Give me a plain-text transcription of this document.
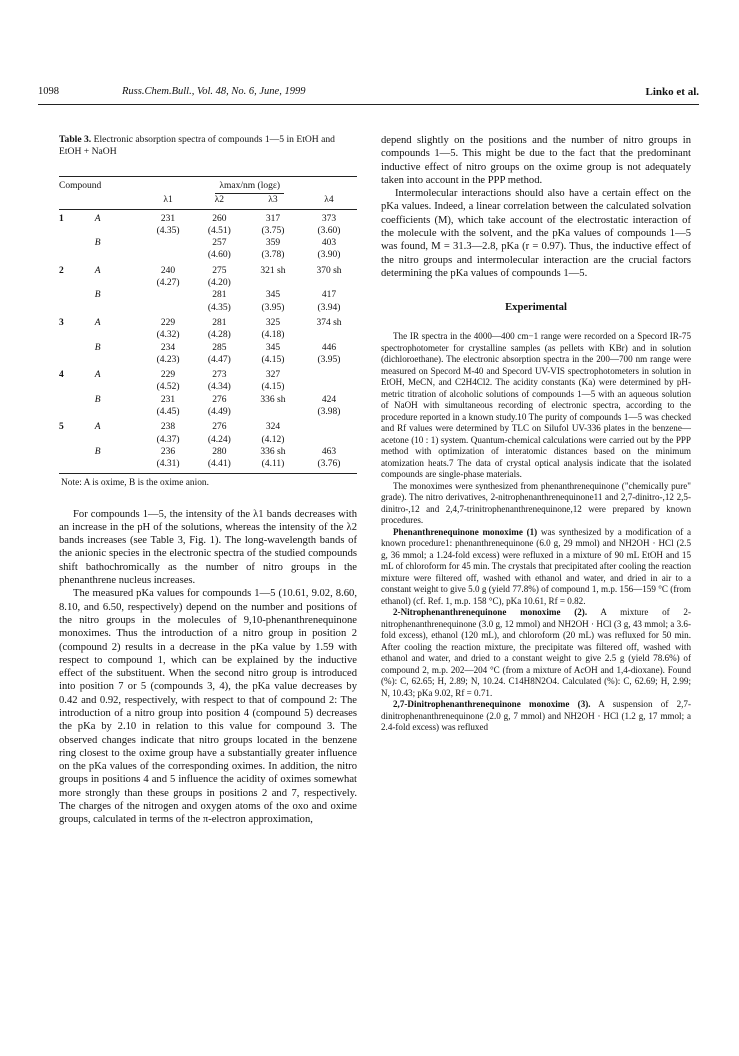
1098	Russ.Chem.Bull., Vol. 48, No. 6, June, 1999	Linko et al.
Table 3. Electronic absorption spectra of compounds 1—5 in EtOH and EtOH + NaOH
Compound		λmax/nm (logε)			
		λ1	λ2	λ3	λ4
1	A	231	260	317	373
		(4.35)	(4.51)	(3.75)	(3.60)
	B		257	359	403
			(4.60)	(3.78)	(3.90)
2	A	240	275	321 sh	370 sh
		(4.27)	(4.20)		
	B		281	345	417
			(4.35)	(3.95)	(3.94)
3	A	229	281	325	374 sh
		(4.32)	(4.28)	(4.18)	
	B	234	285	345	446
		(4.23)	(4.47)	(4.15)	(3.95)
4	A	229	273	327	
		(4.52)	(4.34)	(4.15)	
	B	231	276	336 sh	424
		(4.45)	(4.49)		(3.98)
5	A	238	276	324	
		(4.37)	(4.24)	(4.12)	
	B	236	280	336 sh	463
		(4.31)	(4.41)	(4.11)	(3.76)
Note: A is oxime, B is the oxime anion.

For compounds 1—5, the intensity of the λ1 bands decreases with an increase in the pH of the solutions, whereas the intensity of the λ2 bands increases (see Table 3, Fig. 1). The long-wavelength bands of the anionic species in the electronic spectra of the studied compounds shift bathochromically as the number of nitro groups in the phenanthrene nucleus increases.

The measured pKa values for compounds 1—5 (10.61, 9.02, 8.60, 8.10, and 6.50, respectively) depend on the number and positions of the nitro groups in the molecules of 9,10-phenanthrenequinone monoximes. Thus the introduction of a nitro group in position 2 (compound 2) results in a decrease in the pKa value by 1.59 with respect to compound 1, which can be explained by the inductive effect of the substituent. When the second nitro group is introduced into position 7 or 5 (compounds 3, 4), the pKa value decreases by 0.42 and 0.92, respectively, with respect to that of compound 2: The introduction of a nitro group into position 4 (compound 5) decreases the pKa by 2.10 in relation to this value for compound 3. The observed changes indicate that nitro groups located in the benzene ring closest to the oxime group have a substantially greater influence on the pKa values of the corresponding oximes. In addition, the nitro groups in positions 4 and 5 influence the acidity of oximes somewhat more strongly than these groups in positions 2 and 7, respectively. The charges of the nitrogen and oxygen atoms of the oxo and oxime groups, calculated in terms of the π-electron approximation,

depend slightly on the positions and the number of nitro groups in compounds 1—5. This might be due to the fact that the predominant inductive effect of nitro groups on the oxime group is not adequately taken into account in the PPP method.

Intermolecular interactions should also have a certain effect on the pKa values. Indeed, a linear correlation between the calculated solvation coefficients (M), which take account of the electrostatic interaction of the molecule with the solvent, and the pKa values of compounds 1—5 was found, M = 31.3—2.8, pKa (r = 0.97). Thus, the inductive effect of the nitro groups and intermolecular interaction are the crucial factors determining the pKa values of compounds 1—5.

Experimental

The IR spectra in the 4000—400 cm−1 range were recorded on a Specord IR-75 spectrophotometer for crystalline samples (as pellets with KBr) and in solution (dichloroethane). The electronic absorption spectra in the 200—700 nm range were measured on Specord M-40 and Specord UV-VIS spectrophotometers in solution in EtOH, MeCN, and C2H4Cl2. The acidity constants (Ka) were determined by pH-metric titration of alcoholic solutions of compounds 1—5 with an aqueous solution of NaOH with simultaneous recording of electronic spectra, according to the procedure reported in a known study.10 The purity of compounds 1—5 was checked and Rf values were determined by TLC on Silufol UV-336 plates in the benzene—acetone (10 : 1) system. Quantum-chemical calculations were carried out by the PPP method with optimization of interatomic distances based on the minimum atomization heats.7 The data of crystal optical analysis indicate that the isolated compounds are single-phase materials.

The monoximes were synthesized from phenanthrenequinone ("chemically pure" grade). The nitro derivatives, 2-nitrophenanthrenequinone11 and 2,7-dinitro-,12 2,5-dinitro-,12 and 2,4,7-trinitrophenanthrenequinone,12 were prepared by known procedures.

Phenanthrenequinone monoxime (1) was synthesized by a modification of a known procedure1: phenanthrenequinone (6.0 g, 29 mmol) and NH2OH · HCl (2.5 g, 36 mmol; a 1.24-fold excess) were refluxed in a mixture of 90 mL EtOH and 15 mL of chloroform for 45 min. The crystals that precipitated after cooling the reaction mixture were filtered off, washed with ethanol and water, and dried in air to a constant weight to give 5.0 g (yield 77.8%) of compound 1, m.p. 156—159 °C (from ethanol) (cf. Ref. 1, m.p. 158 °C), pKa 10.61, Rf = 0.82.

2-Nitrophenanthrenequinone monoxime (2). A mixture of 2-nitrophenanthrenequinone (3.0 g, 12 mmol) and NH2OH · HCl (3 g, 43 mmol; a 3.6-fold excess), ethanol (120 mL), and chloroform (20 mL) was refluxed for 50 min. After cooling the reaction mixture, the precipitate was filtered off, washed with ethanol and water, and dried to a constant weight to give 2.5 g (yield 78.6%) of compound 2, m.p. 202—204 °C (from a mixture of AcOH and 1,4-dioxane). Found (%): C, 62.65; H, 2.89; N, 10.24. C14H8N2O4. Calculated (%): C, 62.69; H, 2.99; N, 10.43; pKa 9.02, Rf = 0.71.

2,7-Dinitrophenanthrenequinone monoxime (3). A suspension of 2,7-dinitrophenanthrenequinone (2.0 g, 7 mmol) and NH2OH · HCl (1.2 g, 17 mmol; a 2.4-fold excess) was refluxed
